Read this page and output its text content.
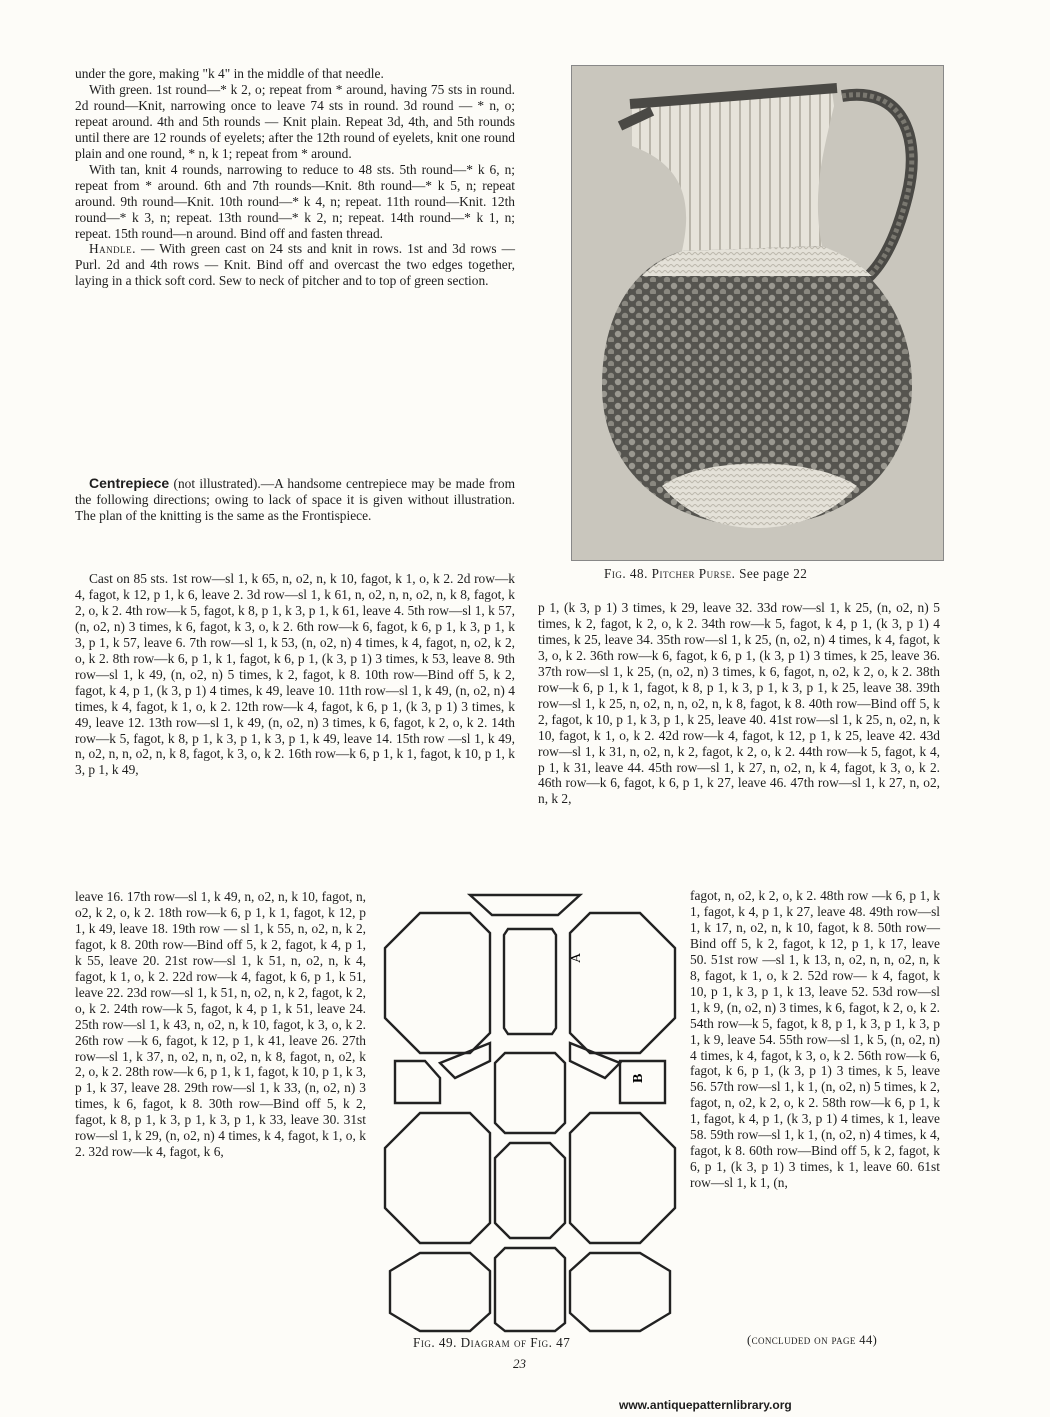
under the gore, making "k 4" in the middle of that needle.

With green. 1st round—* k 2, o; repeat from * around, having 75 sts in round. 2d round—Knit, narrowing once to leave 74 sts in round. 3d round — * n, o; repeat around. 4th and 5th rounds — Knit plain. Repeat 3d, 4th, and 5th rounds until there are 12 rounds of eyelets; after the 12th round of eyelets, knit one round plain and one round, * n, k 1; repeat from * around.

With tan, knit 4 rounds, narrowing to reduce to 48 sts. 5th round—* k 6, n; repeat from * around. 6th and 7th rounds—Knit. 8th round—* k 5, n; repeat around. 9th round—Knit. 10th round—* k 4, n; repeat. 11th round—Knit. 12th round—* k 3, n; repeat. 13th round—* k 2, n; repeat. 14th round—* k 1, n; repeat. 15th round—n around. Bind off and fasten thread.

Handle. — With green cast on 24 sts and knit in rows. 1st and 3d rows — Purl. 2d and 4th rows — Knit. Bind off and overcast the two edges together, laying in a thick soft cord. Sew to neck of pitcher and to top of green section.

Centrepiece (not illustrated).—A handsome centrepiece may be made from the following directions; owing to lack of space it is given without illustration. The plan of the knitting is the same as the Frontispiece.

Cast on 85 sts. 1st row—sl 1, k 65, n, o2, n, k 10, fagot, k 1, o, k 2. 2d row—k 4, fagot, k 12, p 1, k 6, leave 2. 3d row—sl 1, k 61, n, o2, n, n, o2, n, k 8, fagot, k 2, o, k 2. 4th row—k 5, fagot, k 8, p 1, k 3, p 1, k 61, leave 4. 5th row—sl 1, k 57, (n, o2, n) 3 times, k 6, fagot, k 3, o, k 2. 6th row—k 6, fagot, k 6, p 1, k 3, p 1, k 3, p 1, k 57, leave 6. 7th row—sl 1, k 53, (n, o2, n) 4 times, k 4, fagot, n, o2, k 2, o, k 2. 8th row—k 6, p 1, k 1, fagot, k 6, p 1, (k 3, p 1) 3 times, k 53, leave 8. 9th row—sl 1, k 49, (n, o2, n) 5 times, k 2, fagot, k 8. 10th row—Bind off 5, k 2, fagot, k 4, p 1, (k 3, p 1) 4 times, k 49, leave 10. 11th row—sl 1, k 49, (n, o2, n) 4 times, k 4, fagot, k 1, o, k 2. 12th row—k 4, fagot, k 6, p 1, (k 3, p 1) 3 times, k 49, leave 12. 13th row—sl 1, k 49, (n, o2, n) 3 times, k 6, fagot, k 2, o, k 2. 14th row—k 5, fagot, k 8, p 1, k 3, p 1, k 3, p 1, k 49, leave 14. 15th row —sl 1, k 49, n, o2, n, n, o2, n, k 8, fagot, k 3, o, k 2. 16th row—k 6, p 1, k 1, fagot, k 10, p 1, k 3, p 1, k 49,

leave 16. 17th row—sl 1, k 49, n, o2, n, k 10, fagot, n, o2, k 2, o, k 2. 18th row—k 6, p 1, k 1, fagot, k 12, p 1, k 49, leave 18. 19th row — sl 1, k 55, n, o2, n, k 2, fagot, k 8. 20th row—Bind off 5, k 2, fagot, k 4, p 1, k 55, leave 20. 21st row—sl 1, k 51, n, o2, n, k 4, fagot, k 1, o, k 2. 22d row—k 4, fagot, k 6, p 1, k 51, leave 22. 23d row—sl 1, k 51, n, o2, n, k 2, fagot, k 2, o, k 2. 24th row—k 5, fagot, k 4, p 1, k 51, leave 24. 25th row—sl 1, k 43, n, o2, n, k 10, fagot, k 3, o, k 2. 26th row —k 6, fagot, k 12, p 1, k 41, leave 26. 27th row—sl 1, k 37, n, o2, n, n, o2, n, k 8, fagot, n, o2, k 2, o, k 2. 28th row—k 6, p 1, k 1, fagot, k 10, p 1, k 3, p 1, k 37, leave 28. 29th row—sl 1, k 33, (n, o2, n) 3 times, k 6, fagot, k 8. 30th row—Bind off 5, k 2, fagot, k 8, p 1, k 3, p 1, k 3, p 1, k 33, leave 30. 31st row—sl 1, k 29, (n, o2, n) 4 times, k 4, fagot, k 1, o, k 2. 32d row—k 4, fagot, k 6,

Fig. 48. Pitcher Purse. See page 22

p 1, (k 3, p 1) 3 times, k 29, leave 32. 33d row—sl 1, k 25, (n, o2, n) 5 times, k 2, fagot, k 2, o, k 2. 34th row—k 5, fagot, k 4, p 1, (k 3, p 1) 4 times, k 25, leave 34. 35th row—sl 1, k 25, (n, o2, n) 4 times, k 4, fagot, k 3, o, k 2. 36th row—k 6, fagot, k 6, p 1, (k 3, p 1) 3 times, k 25, leave 36. 37th row—sl 1, k 25, (n, o2, n) 3 times, k 6, fagot, n, o2, k 2, o, k 2. 38th row—k 6, p 1, k 1, fagot, k 8, p 1, k 3, p 1, k 3, p 1, k 25, leave 38. 39th row—sl 1, k 25, n, o2, n, n, o2, n, k 8, fagot, k 8. 40th row—Bind off 5, k 2, fagot, k 10, p 1, k 3, p 1, k 25, leave 40. 41st row—sl 1, k 25, n, o2, n, k 10, fagot, k 1, o, k 2. 42d row—k 4, fagot, k 12, p 1, k 25, leave 42. 43d row—sl 1, k 31, n, o2, n, k 2, fagot, k 2, o, k 2. 44th row—k 5, fagot, k 4, p 1, k 31, leave 44. 45th row—sl 1, k 27, n, o2, n, k 4, fagot, k 3, o, k 2. 46th row—k 6, fagot, k 6, p 1, k 27, leave 46. 47th row—sl 1, k 27, n, o2, n, k 2,

fagot, n, o2, k 2, o, k 2. 48th row —k 6, p 1, k 1, fagot, k 4, p 1, k 27, leave 48. 49th row—sl 1, k 17, n, o2, n, k 10, fagot, k 8. 50th row—Bind off 5, k 2, fagot, k 12, p 1, k 17, leave 50. 51st row —sl 1, k 13, n, o2, n, n, o2, n, k 8, fagot, k 1, o, k 2. 52d row— k 4, fagot, k 10, p 1, k 3, p 1, k 13, leave 52. 53d row—sl 1, k 9, (n, o2, n) 3 times, k 6, fagot, k 2, o, k 2. 54th row—k 5, fagot, k 8, p 1, k 3, p 1, k 3, p 1, k 9, leave 54. 55th row—sl 1, k 5, (n, o2, n) 4 times, k 4, fagot, k 3, o, k 2. 56th row—k 6, fagot, k 6, p 1, (k 3, p 1) 3 times, k 5, leave 56. 57th row—sl 1, k 1, (n, o2, n) 5 times, k 2, fagot, n, o2, k 2, o, k 2. 58th row—k 6, p 1, k 1, fagot, k 4, p 1, (k 3, p 1) 4 times, k 1, leave 58. 59th row—sl 1, k 1, (n, o2, n) 4 times, k 4, fagot, k 8. 60th row—Bind off 5, k 2, fagot, k 6, p 1, (k 3, p 1) 3 times, k 1, leave 60. 61st row—sl 1, k 1, (n,

(concluded on page 44)
A
B
Fig. 49. Diagram of Fig. 47
23
www.antiquepatternlibrary.org
